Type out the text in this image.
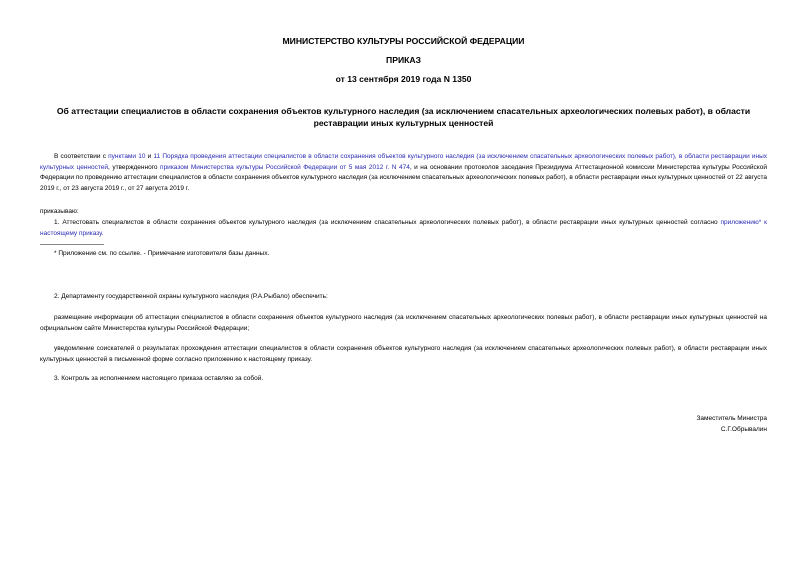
МИНИСТЕРСТВО КУЛЬТУРЫ РОССИЙСКОЙ ФЕДЕРАЦИИ
ПРИКАЗ
от 13 сентября 2019 года N 1350
Об аттестации специалистов в области сохранения объектов культурного наследия (за исключением спасательных археологических полевых работ), в области реставрации иных культурных ценностей
В соответствии с пунктами 10 и 11 Порядка проведения аттестации специалистов в области сохранения объектов культурного наследия (за исключением спасательных археологических полевых работ), в области реставрации иных культурных ценностей, утвержденного приказом Министерства культуры Российской Федерации от 5 мая 2012 г. N 474, и на основании протоколов заседания Президиума Аттестационной комиссии Министерства культуры Российской Федерации по проведению аттестации специалистов в области сохранения объектов культурного наследия (за исключением спасательных археологических полевых работ), в области реставрации иных культурных ценностей от 22 августа 2019 г., от 23 августа 2019 г., от 27 августа 2019 г.
приказываю:
1. Аттестовать специалистов в области сохранения объектов культурного наследия (за исключением спасательных археологических полевых работ), в области реставрации иных культурных ценностей согласно приложению* к настоящему приказу.
* Приложение см. по ссылке. - Примечание изготовителя базы данных.
2. Департаменту государственной охраны культурного наследия (Р.А.Рыбало) обеспечить:
размещение информации об аттестации специалистов в области сохранения объектов культурного наследия (за исключением спасательных археологических полевых работ), в области реставрации иных культурных ценностей на официальном сайте Министерства культуры Российской Федерации;
уведомление соискателей о результатах прохождения аттестации специалистов в области сохранения объектов культурного наследия (за исключением спасательных археологических полевых работ), в области реставрации иных культурных ценностей в письменной форме согласно приложению к настоящему приказу.
3. Контроль за исполнением настоящего приказа оставляю за собой.
Заместитель Министра
С.Г.Обрывалин
